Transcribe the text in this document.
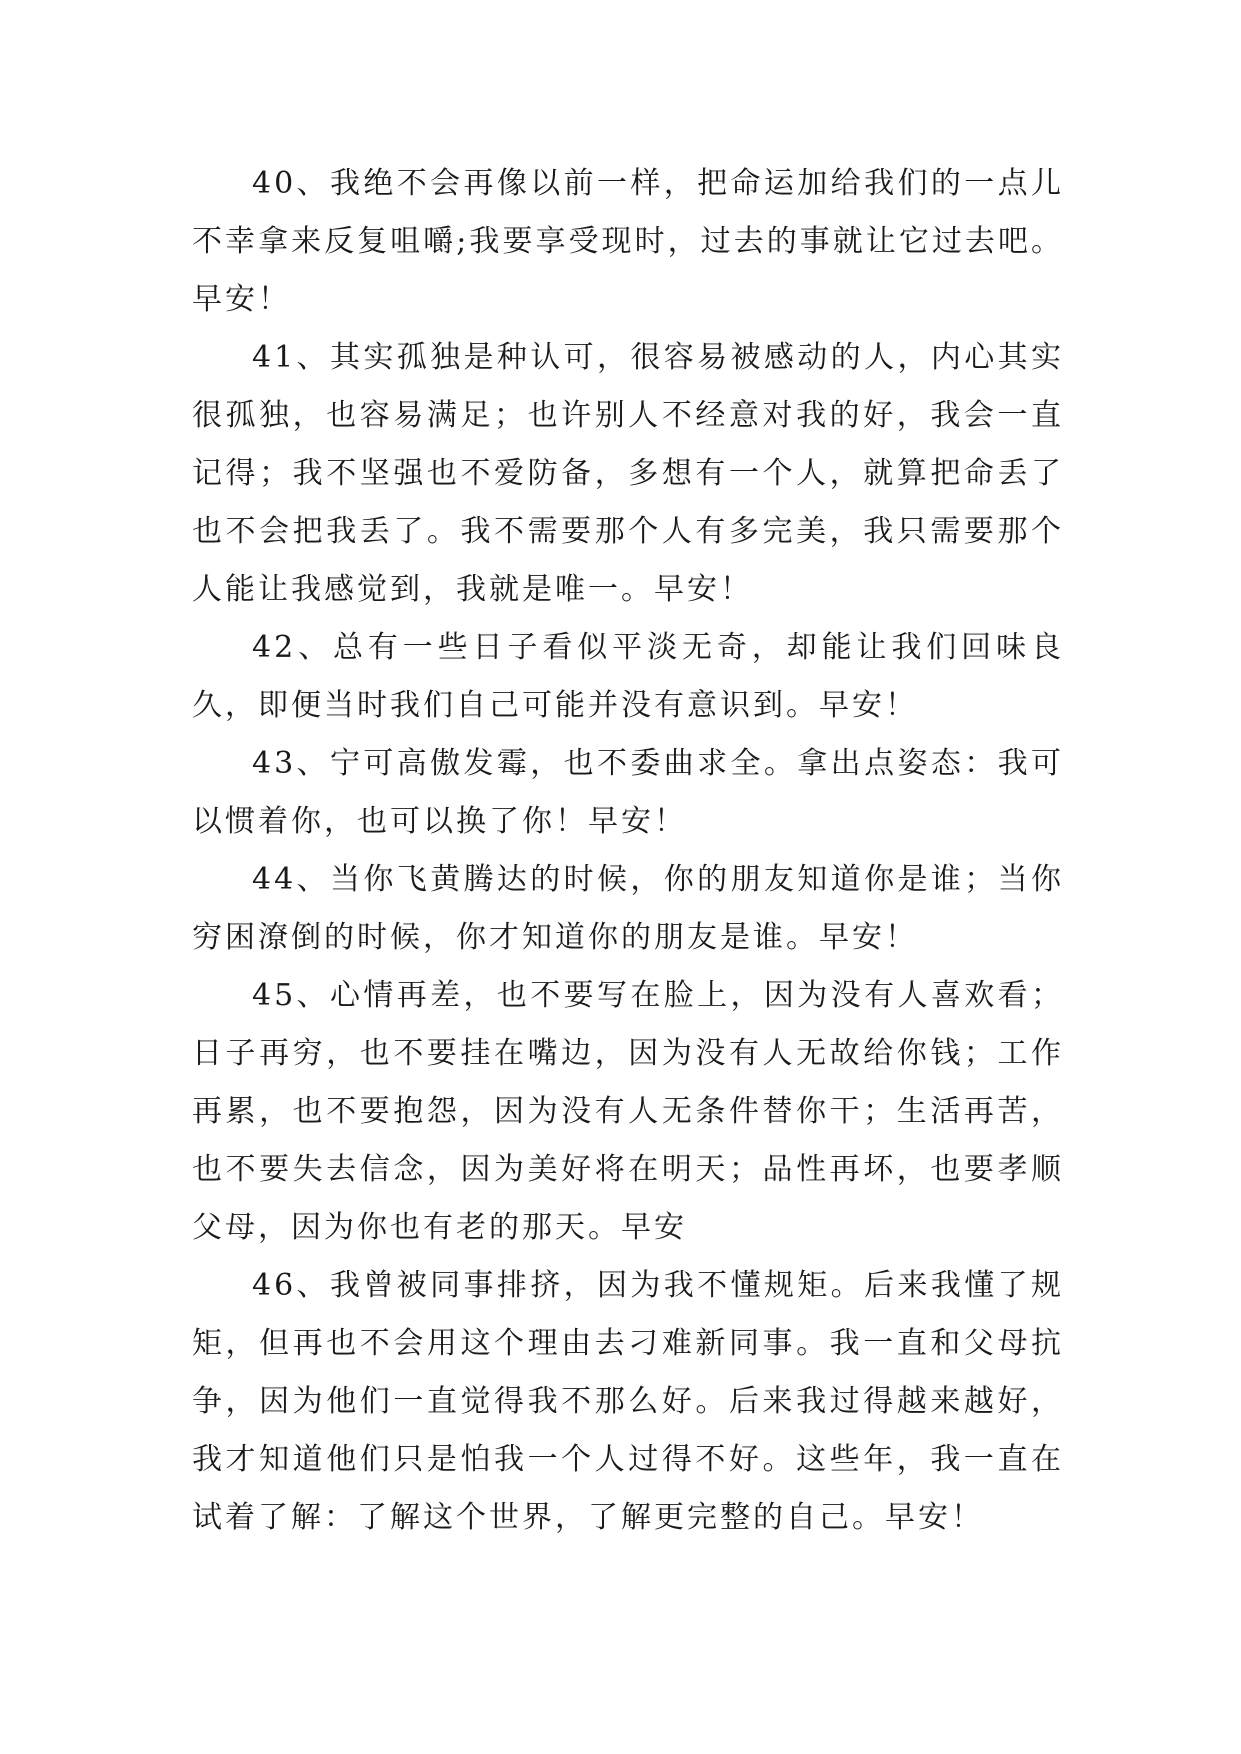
40、我绝不会再像以前一样，把命运加给我们的一点儿不幸拿来反复咀嚼;我要享受现时，过去的事就让它过去吧。早安！

41、其实孤独是种认可，很容易被感动的人，内心其实很孤独，也容易满足；也许别人不经意对我的好，我会一直记得；我不坚强也不爱防备，多想有一个人，就算把命丢了也不会把我丢了。我不需要那个人有多完美，我只需要那个人能让我感觉到，我就是唯一。早安！

42、总有一些日子看似平淡无奇，却能让我们回味良久，即便当时我们自己可能并没有意识到。早安！

43、宁可高傲发霉，也不委曲求全。拿出点姿态：我可以惯着你，也可以换了你！早安！

44、当你飞黄腾达的时候，你的朋友知道你是谁；当你穷困潦倒的时候，你才知道你的朋友是谁。早安！

45、心情再差，也不要写在脸上，因为没有人喜欢看；日子再穷，也不要挂在嘴边，因为没有人无故给你钱；工作再累，也不要抱怨，因为没有人无条件替你干；生活再苦，也不要失去信念，因为美好将在明天；品性再坏，也要孝顺父母，因为你也有老的那天。早安

46、我曾被同事排挤，因为我不懂规矩。后来我懂了规矩，但再也不会用这个理由去刁难新同事。我一直和父母抗争，因为他们一直觉得我不那么好。后来我过得越来越好，我才知道他们只是怕我一个人过得不好。这些年，我一直在试着了解：了解这个世界，了解更完整的自己。早安！
